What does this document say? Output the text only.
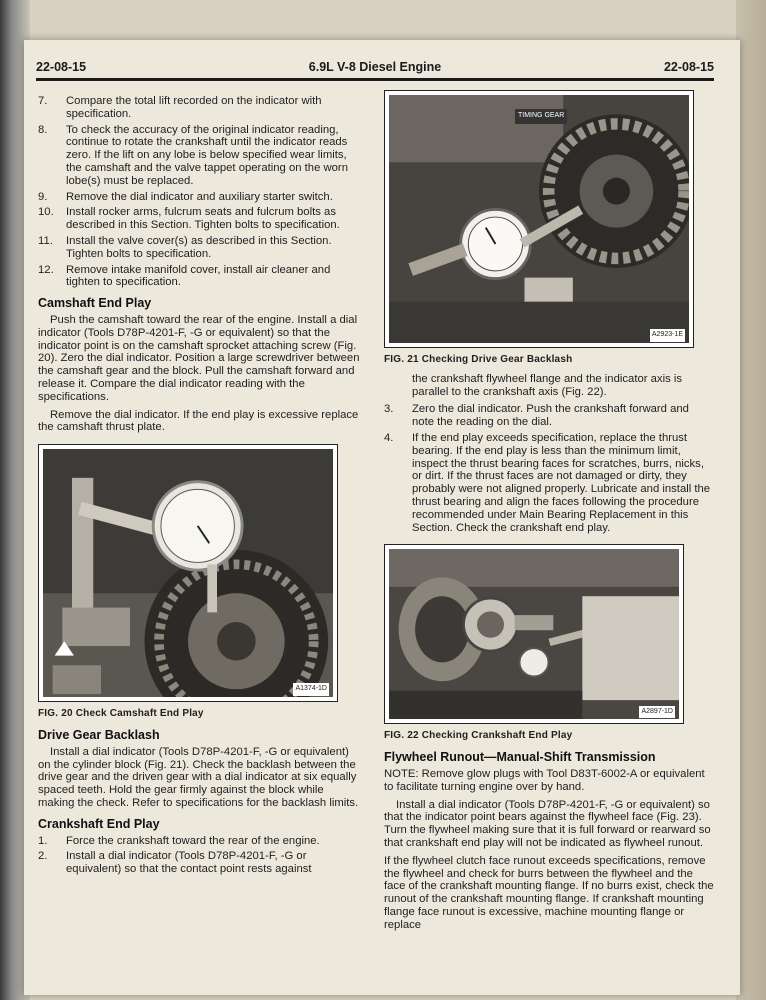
22-08-15	6.9L V-8 Diesel Engine	22-08-15
7.	Compare the total lift recorded on the indicator with specification.
8.	To check the accuracy of the original indicator reading, continue to rotate the crankshaft until the indicator reads zero. If the lift on any lobe is below specified wear limits, the camshaft and the valve tappet operating on the worn lobe(s) must be replaced.
9.	Remove the dial indicator and auxiliary starter switch.
10.	Install rocker arms, fulcrum seats and fulcrum bolts as described in this Section. Tighten bolts to specification.
11.	Install the valve cover(s) as described in this Section. Tighten bolts to specification.
12.	Remove intake manifold cover, install air cleaner and tighten to specification.
Camshaft End Play

Push the camshaft toward the rear of the engine. Install a dial indicator (Tools D78P-4201-F, -G or equivalent) so that the indicator point is on the camshaft sprocket attaching screw (Fig. 20). Zero the dial indicator. Position a large screwdriver between the camshaft gear and the block. Pull the camshaft forward and release it. Compare the dial indicator reading with the specifications.

Remove the dial indicator. If the end play is excessive replace the camshaft thrust plate.

A1374-1D
FIG. 20 Check Camshaft End Play
Drive Gear Backlash

Install a dial indicator (Tools D78P-4201-F, -G or equivalent) on the cylinder block (Fig. 21). Check the backlash between the drive gear and the driven gear with a dial indicator at six equally spaced teeth. Hold the gear firmly against the block while making the check. Refer to specifications for the backlash limits.

Crankshaft End Play
1.	Force the crankshaft toward the rear of the engine.
2.	Install a dial indicator (Tools D78P-4201-F, -G or equivalent) so that the contact point rests against
TIMING GEAR
A2923-1E
FIG. 21 Checking Drive Gear Backlash

the crankshaft flywheel flange and the indicator axis is parallel to the crankshaft axis (Fig. 22).

3.	Zero the dial indicator. Push the crankshaft forward and note the reading on the dial.
4.	If the end play exceeds specification, replace the thrust bearing. If the end play is less than the minimum limit, inspect the thrust bearing faces for scratches, burrs, nicks, or dirt. If the thrust faces are not damaged or dirty, they probably were not aligned properly. Lubricate and install the thrust bearing and align the faces following the procedure recommended under Main Bearing Replacement in this Section. Check the crankshaft end play.
A2897-1D
FIG. 22 Checking Crankshaft End Play
Flywheel Runout—Manual-Shift Transmission

NOTE: Remove glow plugs with Tool D83T-6002-A or equivalent to facilitate turning engine over by hand.

Install a dial indicator (Tools D78P-4201-F, -G or equivalent) so that the indicator point bears against the flywheel face (Fig. 23). Turn the flywheel making sure that it is full forward or rearward so that crankshaft end play will not be indicated as flywheel runout.

If the flywheel clutch face runout exceeds specifications, remove the flywheel and check for burrs between the flywheel and the face of the crankshaft mounting flange. If no burrs exist, check the runout of the crankshaft mounting flange. If crankshaft mounting flange face runout is excessive, machine mounting flange or replace
